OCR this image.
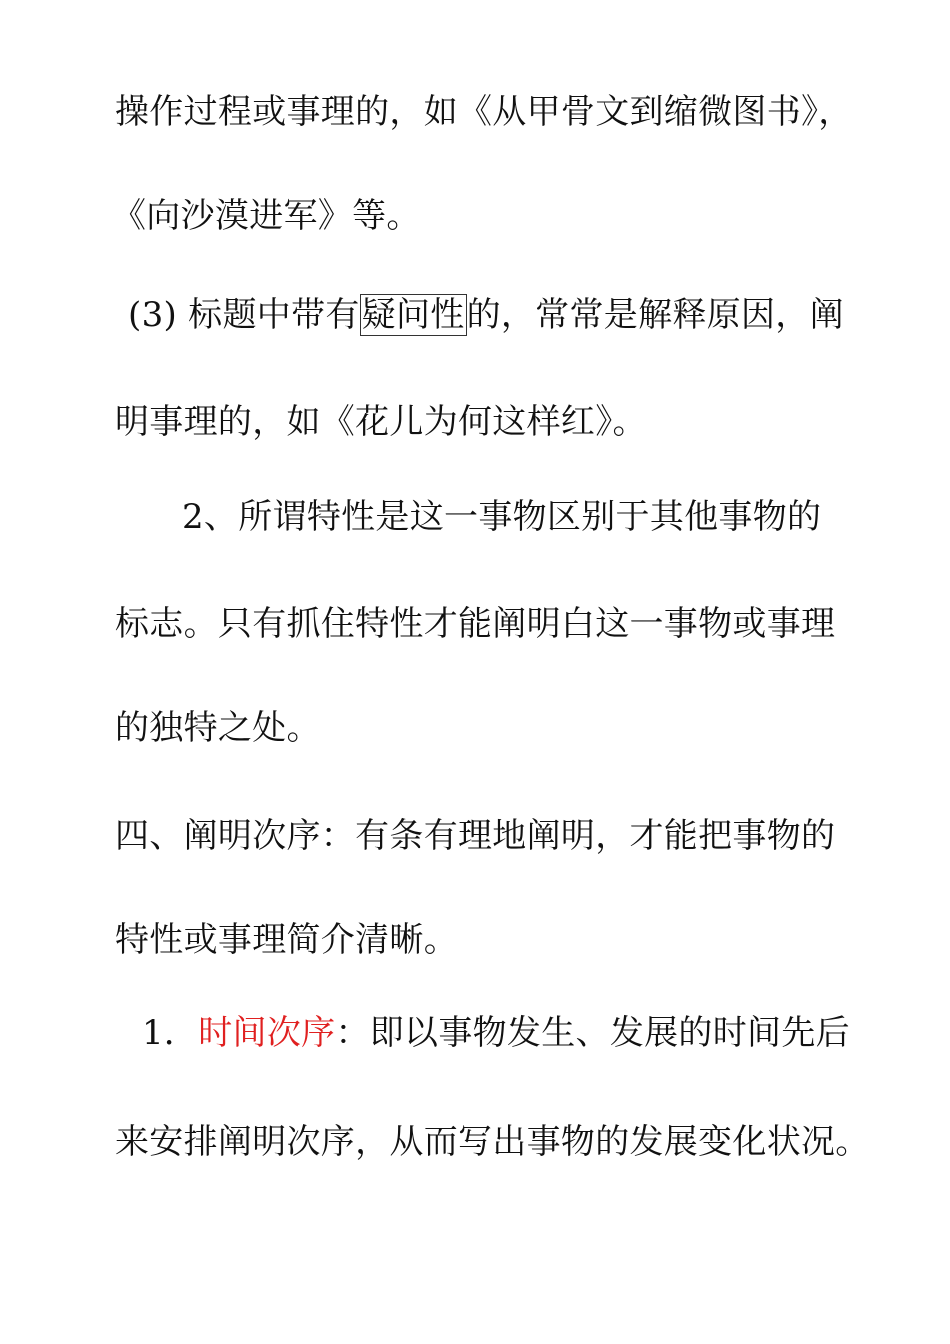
操作过程或事理的，如《从甲骨文到缩微图书》，
《向沙漠进军》等。
(3) 标题中带有疑问性的，常常是解释原因，阐
明事理的，如《花儿为何这样红》。
2、所谓特性是这一事物区别于其他事物的
标志。只有抓住特性才能阐明白这一事物或事理
的独特之处。
四、阐明次序：有条有理地阐明，才能把事物的
特性或事理简介清晰。
1．时间次序：即以事物发生、发展的时间先后
来安排阐明次序，从而写出事物的发展变化状况。
